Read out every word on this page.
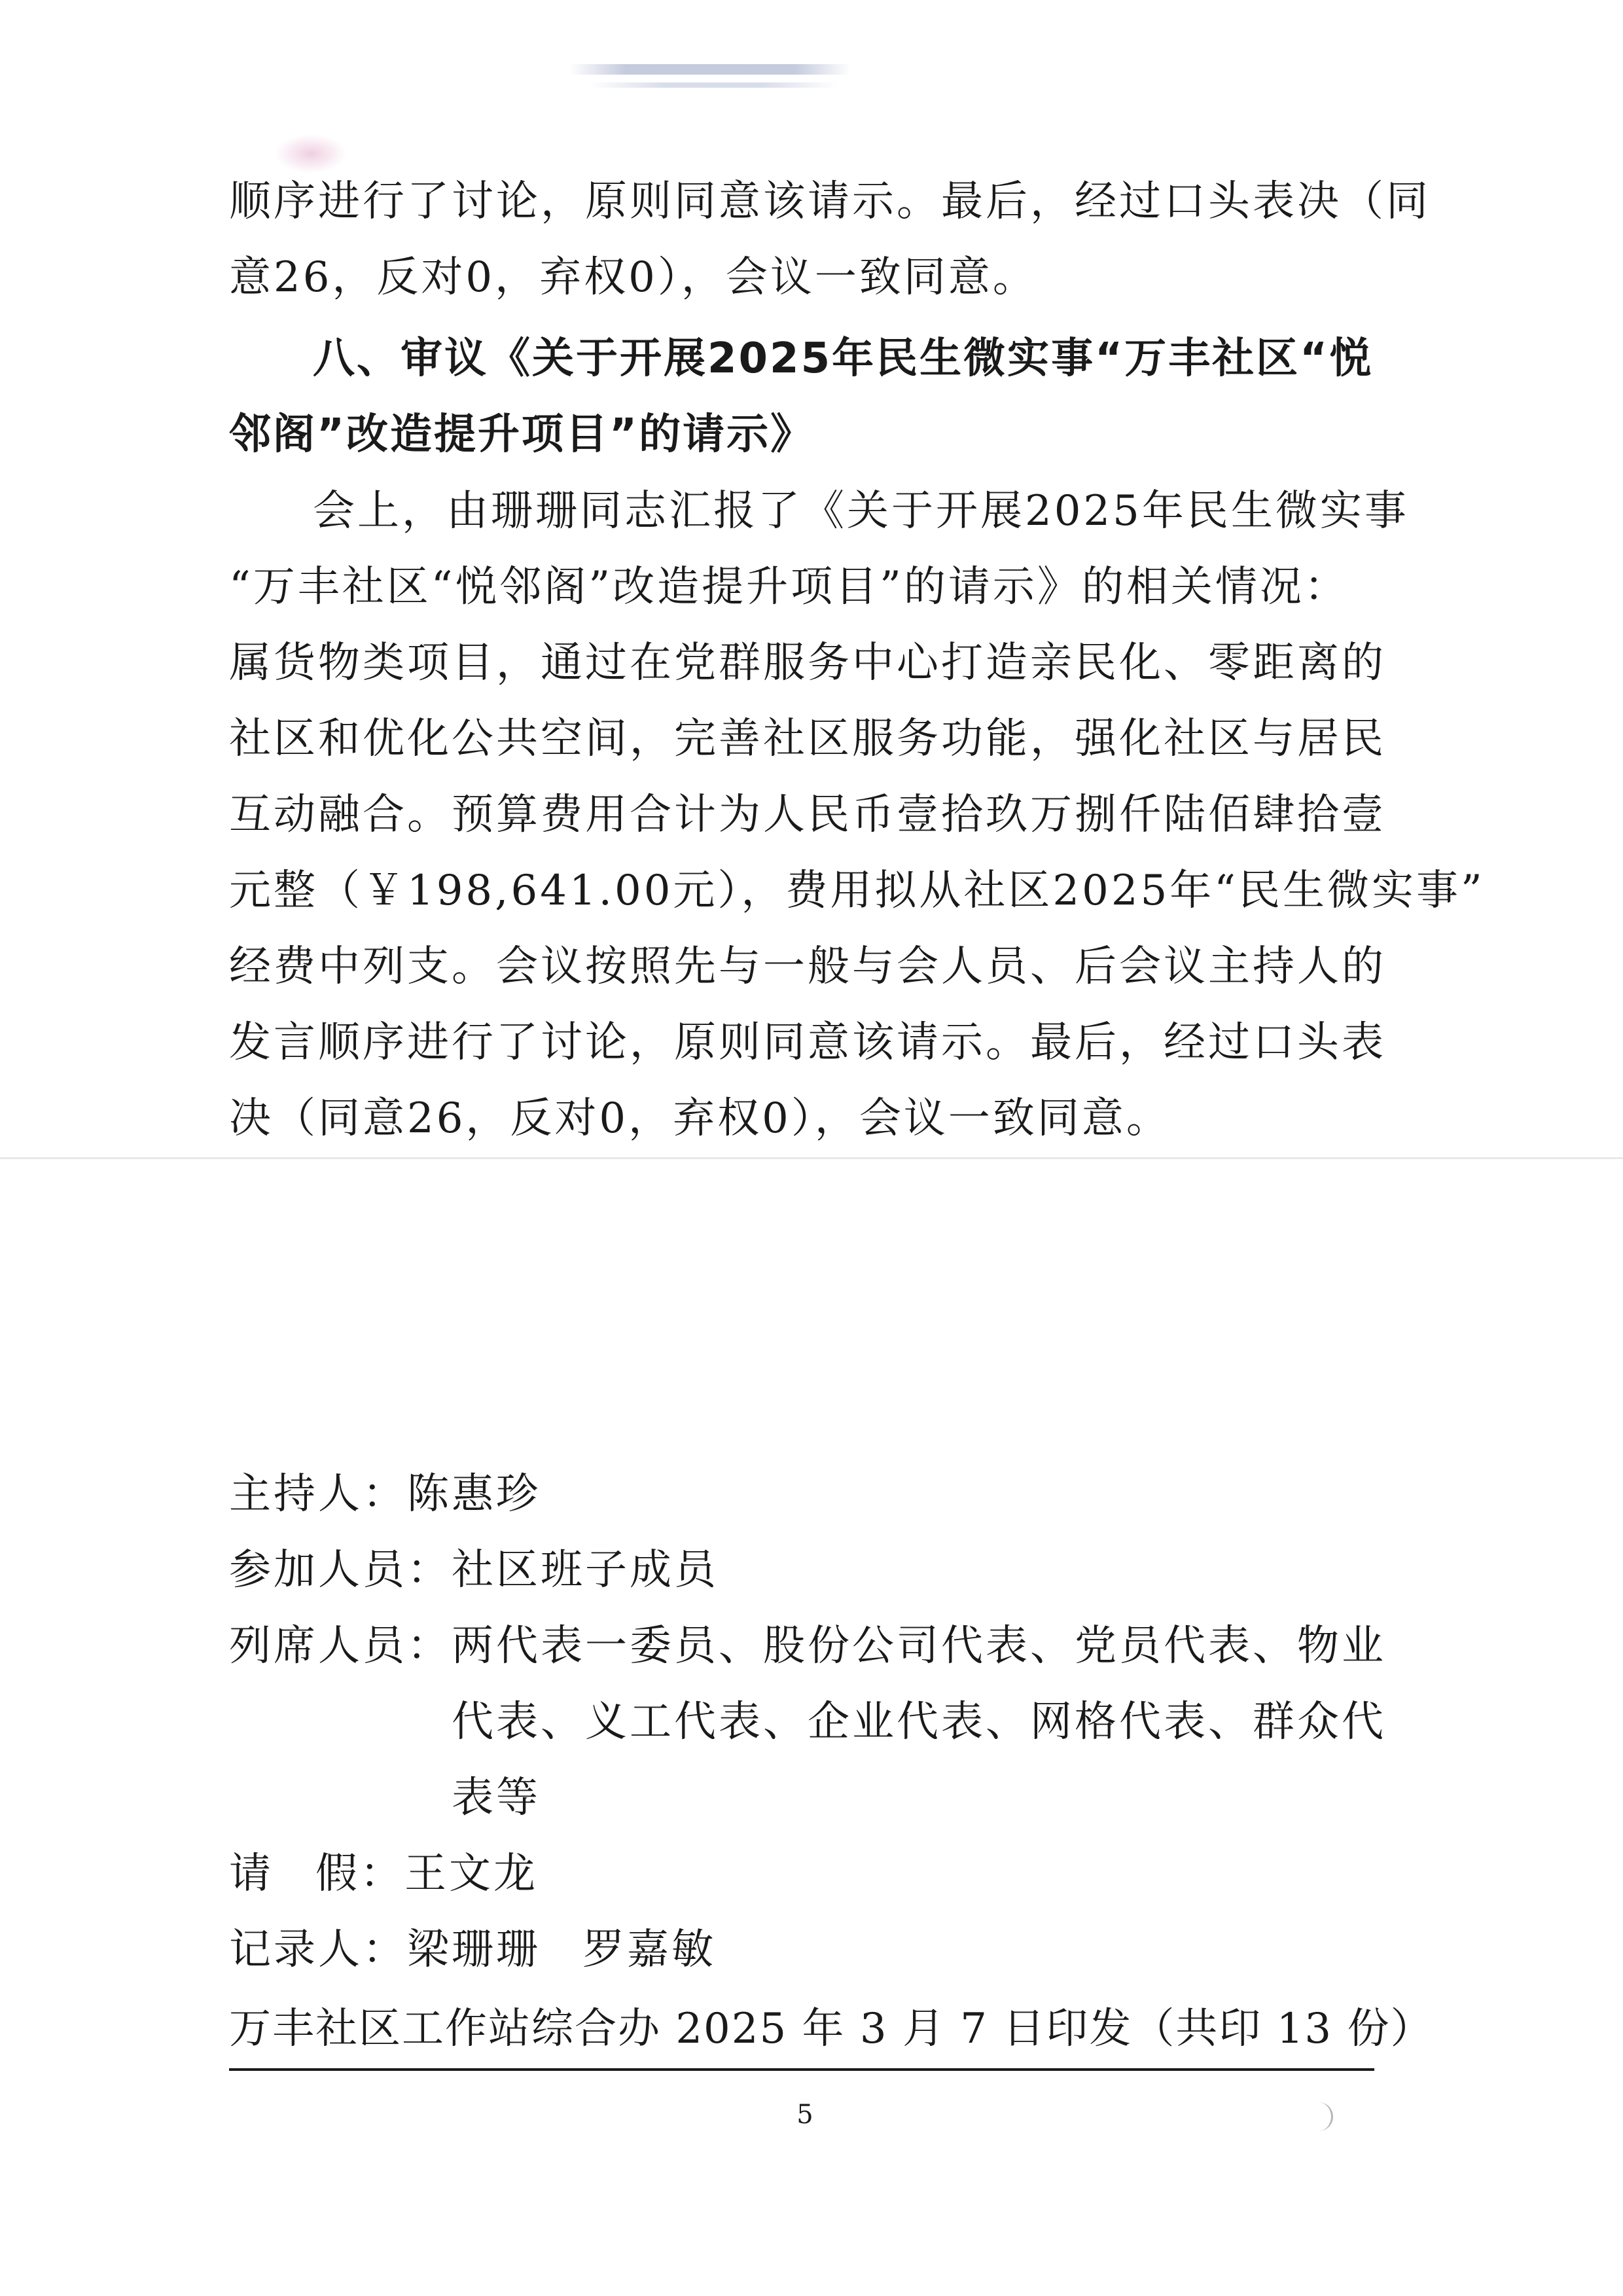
顺序进行了讨论，原则同意该请示。最后，经过口头表决（同
意26，反对0，弃权0），会议一致同意。
八、审议《关于开展2025年民生微实事“万丰社区“悦
邻阁”改造提升项目”的请示》
会上，由珊珊同志汇报了《关于开展2025年民生微实事
“万丰社区“悦邻阁”改造提升项目”的请示》的相关情况：
属货物类项目，通过在党群服务中心打造亲民化、零距离的
社区和优化公共空间，完善社区服务功能，强化社区与居民
互动融合。预算费用合计为人民币壹拾玖万捌仟陆佰肆拾壹
元整（￥198,641.00元），费用拟从社区2025年“民生微实事”
经费中列支。会议按照先与一般与会人员、后会议主持人的
发言顺序进行了讨论，原则同意该请示。最后，经过口头表
决（同意26，反对0，弃权0），会议一致同意。
主持人： 陈惠珍
参加人员： 社区班子成员
列席人员： 两代表一委员、股份公司代表、党员代表、物业
代表、义工代表、企业代表、网格代表、群众代
表等
请 假： 王文龙
记录人： 梁珊珊 罗嘉敏
万丰社区工作站综合办 2025 年 3 月 7 日印发（共印 13 份）
5
